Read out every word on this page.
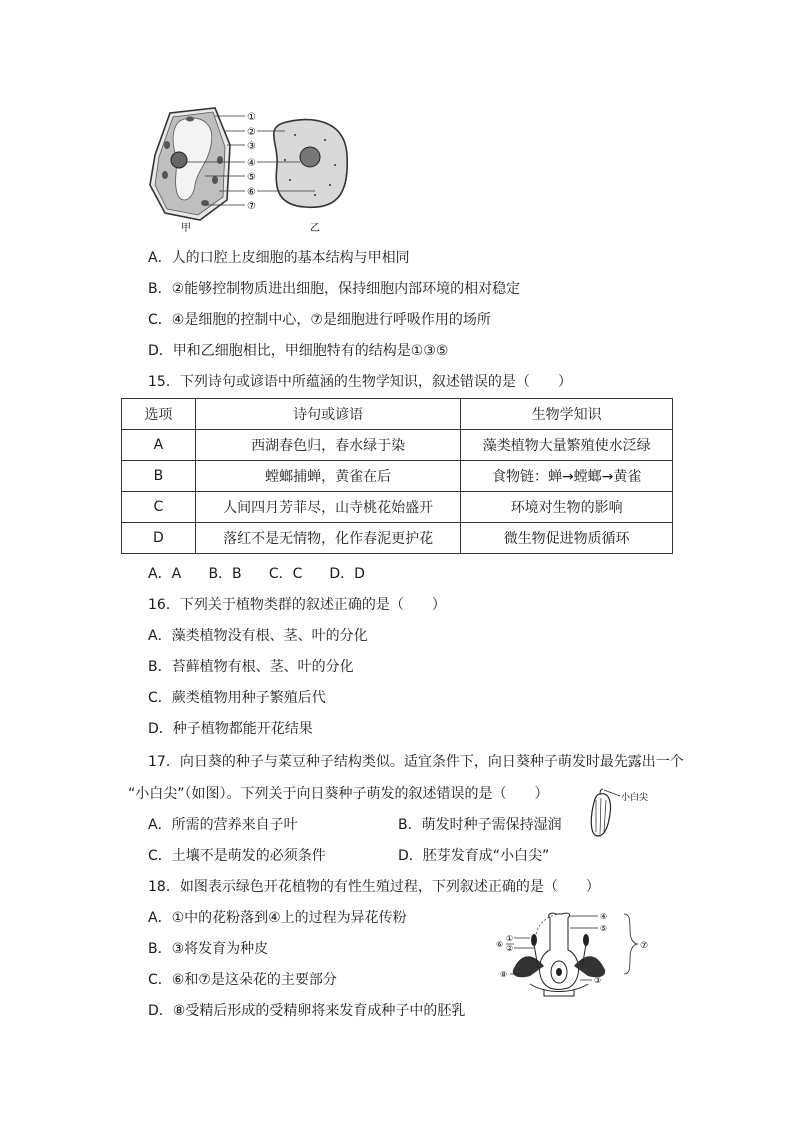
①
②
③
④
⑤
⑥
⑦
甲	乙
A．人的口腔上皮细胞的基本结构与甲相同
B．②能够控制物质进出细胞，保持细胞内部环境的相对稳定
C．④是细胞的控制中心，⑦是细胞进行呼吸作用的场所
D．甲和乙细胞相比，甲细胞特有的结构是①③⑤
15．下列诗句或谚语中所蕴涵的生物学知识，叙述错误的是（　　）
选项	诗句或谚语	生物学知识
A	西湖春色归，春水绿于染	藻类植物大量繁殖使水泛绿
B	螳螂捕蝉，黄雀在后	食物链：蝉→螳螂→黄雀
C	人间四月芳菲尽，山寺桃花始盛开	环境对生物的影响
D	落红不是无情物，化作春泥更护花	微生物促进物质循环
A．A B．B C．C D．D
16．下列关于植物类群的叙述正确的是（　　）
A．藻类植物没有根、茎、叶的分化
B．苔藓植物有根、茎、叶的分化
C．蕨类植物用种子繁殖后代
D．种子植物都能开花结果
17．向日葵的种子与菜豆种子结构类似。适宜条件下，向日葵种子萌发时最先露出一个
“小白尖”（如图）。下列关于向日葵种子萌发的叙述错误的是（　　）	小白尖
A．所需的营养来自子叶	B．萌发时种子需保持湿润
C．土壤不是萌发的必须条件	D．胚芽发育成“小白尖”
18．如图表示绿色开花植物的有性生殖过程，下列叙述正确的是（　　）
A．①中的花粉落到④上的过程为异花传粉
B．③将发育为种皮
C．⑥和⑦是这朵花的主要部分
D．⑧受精后形成的受精卵将来发育成种子中的胚乳
④
⑤
⑦
①
②
⑥
⑧
③
